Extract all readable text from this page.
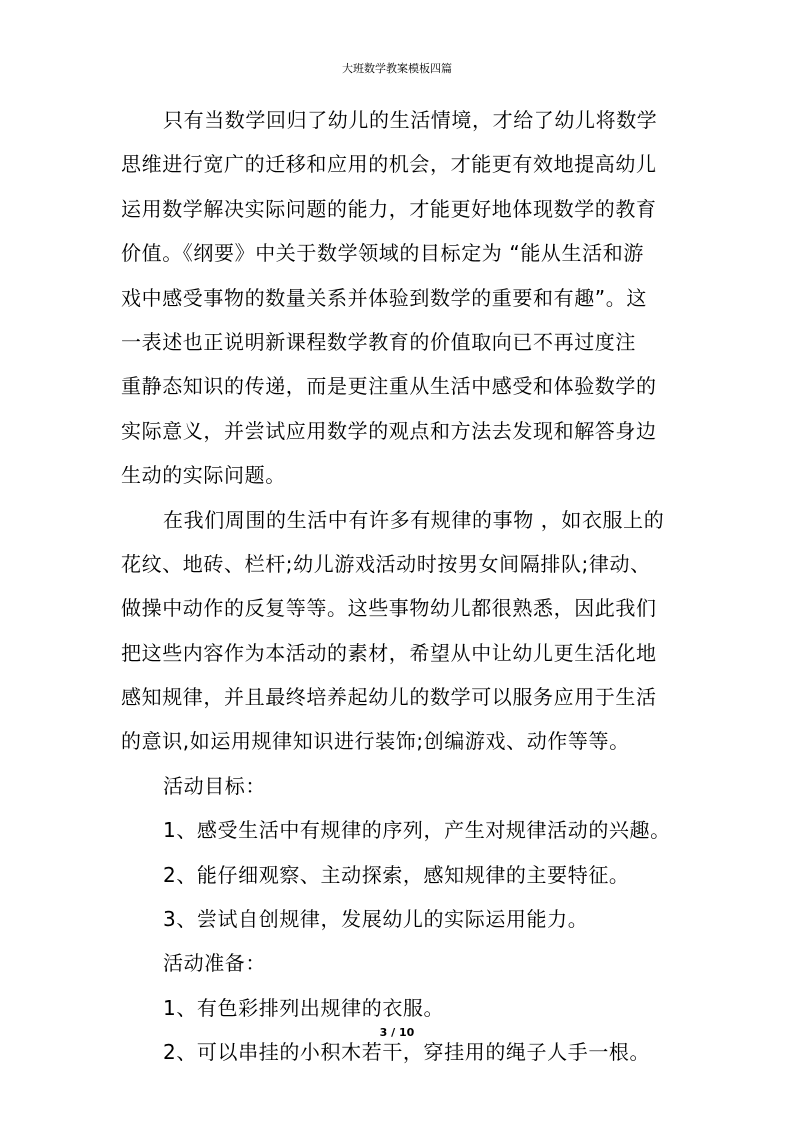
大班数学教案模板四篇
只有当数学回归了幼儿的生活情境，才给了幼儿将数学
思维进行宽广的迁移和应用的机会，才能更有效地提高幼儿
运用数学解决实际问题的能力，才能更好地体现数学的教育
价值。《纲要》中关于数学领域的目标定为 “能从生活和游
戏中感受事物的数量关系并体验到数学的重要和有趣”。这
一表述也正说明新课程数学教育的价值取向已不再过度注
重静态知识的传递，而是更注重从生活中感受和体验数学的
实际意义，并尝试应用数学的观点和方法去发现和解答身边
生动的实际问题。
在我们周围的生活中有许多有规律的事物 ，如衣服上的
花纹、地砖、栏杆;幼儿游戏活动时按男女间隔排队;律动、
做操中动作的反复等等。这些事物幼儿都很熟悉，因此我们
把这些内容作为本活动的素材，希望从中让幼儿更生活化地
感知规律，并且最终培养起幼儿的数学可以服务应用于生活
的意识,如运用规律知识进行装饰;创编游戏、动作等等。
活动目标：
1、感受生活中有规律的序列，产生对规律活动的兴趣。
2、能仔细观察、主动探索，感知规律的主要特征。
3、尝试自创规律，发展幼儿的实际运用能力。
活动准备：
1、有色彩排列出规律的衣服。
2、可以串挂的小积木若干，穿挂用的绳子人手一根。
3 / 10
